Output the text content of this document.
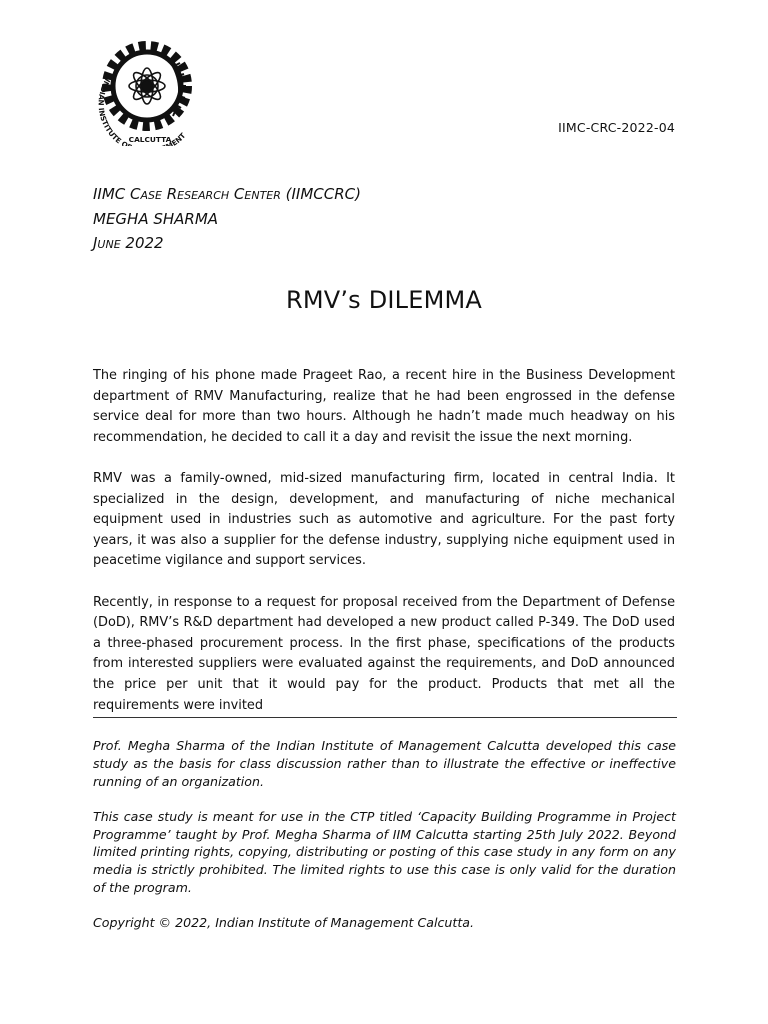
INDIAN INSTITUTE O MENT
CALCUTTA
IIMC-CRC-2022-04
IIMC Case Research Center (IIMCCRC)
MEGHA SHARMA
June 2022
RMV’s DILEMMA

The ringing of his phone made Prageet Rao, a recent hire in the Business Development department of RMV Manufacturing, realize that he had been engrossed in the defense service deal for more than two hours. Although he hadn’t made much headway on his recommendation, he decided to call it a day and revisit the issue the next morning.

RMV was a family-owned, mid-sized manufacturing firm, located in central India. It specialized in the design, development, and manufacturing of niche mechanical equipment used in industries such as automotive and agriculture. For the past forty years, it was also a supplier for the defense industry, supplying niche equipment used in peacetime vigilance and support services.

Recently, in response to a request for proposal received from the Department of Defense (DoD), RMV’s R&D department had developed a new product called P-349. The DoD used a three-phased procurement process. In the first phase, specifications of the products from interested suppliers were evaluated against the requirements, and DoD announced the price per unit that it would pay for the product. Products that met all the requirements were invited

Prof. Megha Sharma of the Indian Institute of Management Calcutta developed this case study as the basis for class discussion rather than to illustrate the effective or ineffective running of an organization.

This case study is meant for use in the CTP titled ‘Capacity Building Programme in Project Programme’ taught by Prof. Megha Sharma of IIM Calcutta starting 25th July 2022. Beyond limited printing rights, copying, distributing or posting of this case study in any form on any media is strictly prohibited. The limited rights to use this case is only valid for the duration of the program.

Copyright © 2022, Indian Institute of Management Calcutta.
